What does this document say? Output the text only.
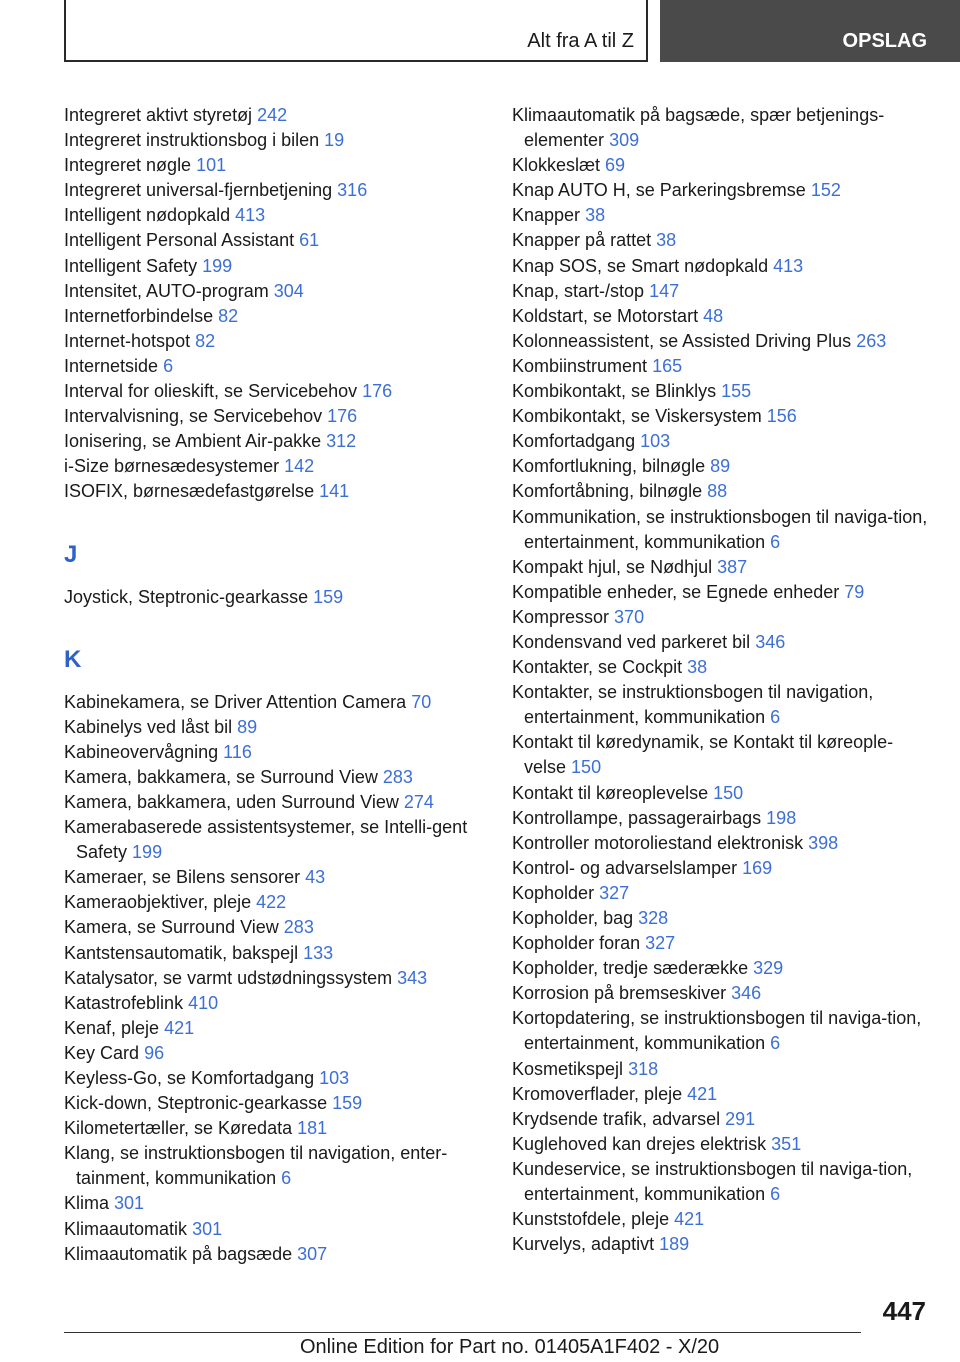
Alt fra A til Z	OPSLAG
Integreret aktivt styretøj 242
Integreret instruktionsbog i bilen 19
Integreret nøgle 101
Integreret universal-fjernbetjening 316
Intelligent nødopkald 413
Intelligent Personal Assistant 61
Intelligent Safety 199
Intensitet, AUTO-program 304
Internetforbindelse 82
Internet-hotspot 82
Internetside 6
Interval for olieskift, se Servicebehov 176
Intervalvisning, se Servicebehov 176
Ionisering, se Ambient Air-pakke 312
i-Size børnesædesystemer 142
ISOFIX, børnesædefastgørelse 141
J
Joystick, Steptronic-gearkasse 159
K
Kabinekamera, se Driver Attention Camera 70
Kabinelys ved låst bil 89
Kabineovervågning 116
Kamera, bakkamera, se Surround View 283
Kamera, bakkamera, uden Surround View 274
Kamerabaserede assistentsystemer, se Intelli‐gent Safety 199
Kameraer, se Bilens sensorer 43
Kameraobjektiver, pleje 422
Kamera, se Surround View 283
Kantstensautomatik, bakspejl 133
Katalysator, se varmt udstødningssystem 343
Katastrofeblink 410
Kenaf, pleje 421
Key Card 96
Keyless-Go, se Komfortadgang 103
Kick-down, Steptronic-gearkasse 159
Kilometertæller, se Køredata 181
Klang, se instruktionsbogen til navigation, enter‐tainment, kommunikation 6
Klima 301
Klimaautomatik 301
Klimaautomatik på bagsæde 307
Klimaautomatik på bagsæde, spær betjenings‐elementer 309
Klokkeslæt 69
Knap AUTO H, se Parkeringsbremse 152
Knapper 38
Knapper på rattet 38
Knap SOS, se Smart nødopkald 413
Knap, start-/stop 147
Koldstart, se Motorstart 48
Kolonneassistent, se Assisted Driving Plus 263
Kombiinstrument 165
Kombikontakt, se Blinklys 155
Kombikontakt, se Viskersystem 156
Komfortadgang 103
Komfortlukning, bilnøgle 89
Komfortåbning, bilnøgle 88
Kommunikation, se instruktionsbogen til naviga‐tion, entertainment, kommunikation 6
Kompakt hjul, se Nødhjul 387
Kompatible enheder, se Egnede enheder 79
Kompressor 370
Kondensvand ved parkeret bil 346
Kontakter, se Cockpit 38
Kontakter, se instruktionsbogen til navigation, entertainment, kommunikation 6
Kontakt til køredynamik, se Kontakt til køreople‐velse 150
Kontakt til køreoplevelse 150
Kontrollampe, passagerairbags 198
Kontroller motoroliestand elektronisk 398
Kontrol- og advarselslamper 169
Kopholder 327
Kopholder, bag 328
Kopholder foran 327
Kopholder, tredje sæderække 329
Korrosion på bremseskiver 346
Kortopdatering, se instruktionsbogen til naviga‐tion, entertainment, kommunikation 6
Kosmetikspejl 318
Kromoverflader, pleje 421
Krydsende trafik, advarsel 291
Kuglehoved kan drejes elektrisk 351
Kundeservice, se instruktionsbogen til naviga‐tion, entertainment, kommunikation 6
Kunststofdele, pleje 421
Kurvelys, adaptivt 189
447
Online Edition for Part no. 01405A1F402 - X/20
